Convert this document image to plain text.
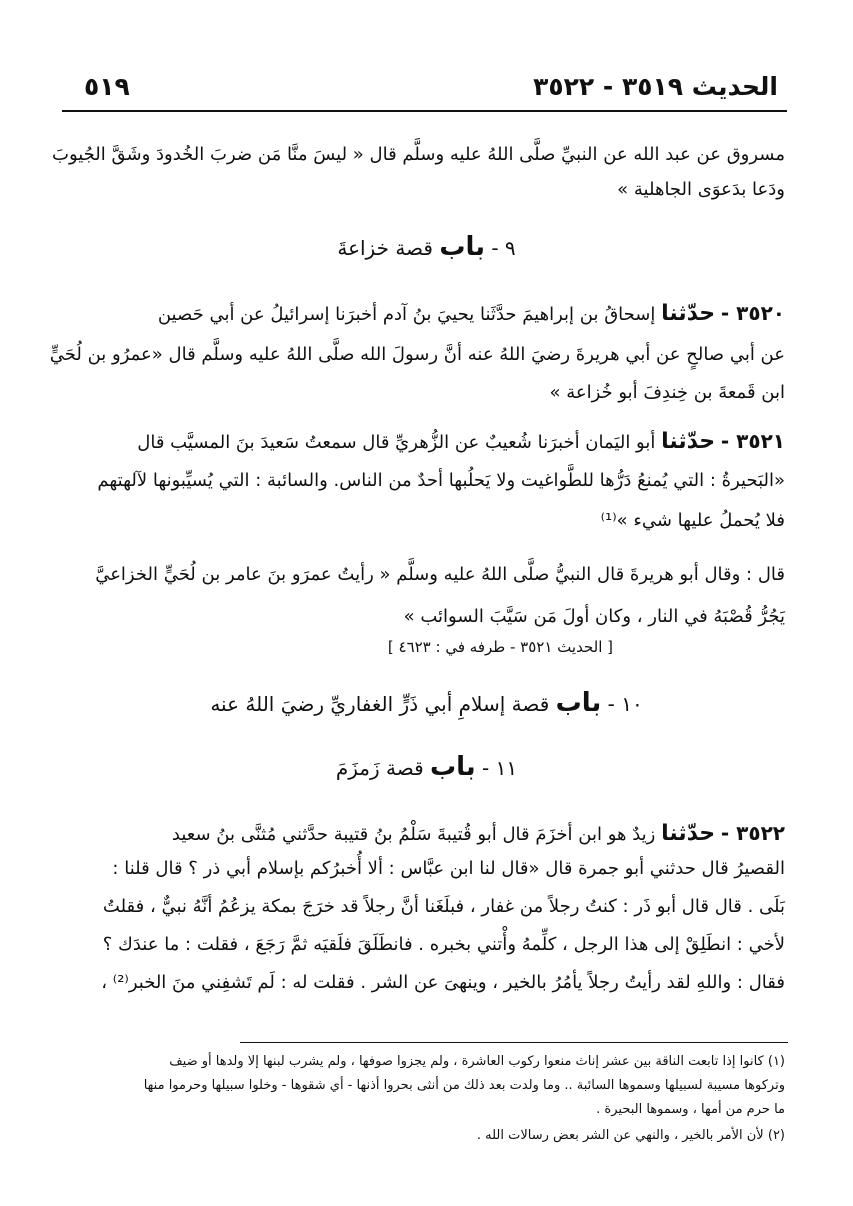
الحديث ٣٥١٩ - ٣٥٢٢
٥١٩
مسروق عن عبد الله عن النبيِّ صلَّى اللهُ عليه وسلَّم قال « ليسَ منَّا مَن ضربَ الخُدودَ وشَقَّ الجُيوبَ
ودَعا بدَعوَى الجاهلية »
٩ - باب قصة خزاعةَ
٣٥٢٠ - حدّثنا إسحاقُ بن إبراهيمَ حدَّثَنا يحييَ بنُ آدم أخبرَنا إسرائيلُ عن أبي حَصين
عن أبي صالحٍ عن أبي هريرةَ رضيَ اللهُ عنه أنَّ رسولَ الله صلَّى اللهُ عليه وسلَّم قال «عمرُو بن لُحَيٍّ
ابن قَمعةَ بن خِندِفَ أبو خُزاعة »
٣٥٢١ - حدّثنا أبو اليَمان أخبرَنا شُعيبٌ عن الزُّهريِّ قال سمعتُ سَعيدَ بنَ المسيَّب قال
«البَحيرةُ : التي يُمنعُ دَرُّها للطَّواغيت ولا يَحلُبها أحدٌ من الناس. والسائبة : التي يُسيِّبونها لآلهتهم
فلا يُحملُ عليها شيء »⁽¹⁾
قال : وقال أبو هريرةَ قال النبيُّ صلَّى اللهُ عليه وسلَّم « رأيتُ عمرَو بنَ عامر بن لُحَيٍّ الخزاعيَّ
يَجُرُّ قُصْبَهُ في النار ، وكان أولَ مَن سَيَّبَ السوائب »
[ الحديث ٣٥٢١ - طرفه في : ٤٦٢٣ ]
١٠ - باب قصة إسلامِ أبي ذَرٍّ الغفاريِّ رضيَ اللهُ عنه
١١ - باب قصة زَمزَمَ
٣٥٢٢ - حدّثنا زيدٌ هو ابن أخزَمَ قال أبو قُتيبةَ سَلْمُ بنُ قتيبة حدَّثني مُثنَّى بنُ سعيد
القصيرُ قال حدثني أبو جمرة قال «قال لنا ابن عبَّاس : ألا أُخبرُكم بإسلام أبي ذر ؟ قال قلنا :
بَلَى . قال قال أبو ذَر : كنتُ رجلاً من غفار ، فبلَغَنا أنَّ رجلاً قد خرَجَ بمكة يزعُمُ أنَّهُ نبيٌّ ، فقلتُ
لأخي : انطَلِقْ إلى هذا الرجل ، كلِّمهُ وأْتني بخبره . فانطَلَقَ فلَقيَه ثمَّ رَجَعَ ، فقلت : ما عندَك ؟
فقال : واللهِ لقد رأيتُ رجلاً يأمُرُ بالخير ، وينهىَ عن الشر . فقلت له : لَم تَشفِني منَ الخبر⁽²⁾ ،
(١) كانوا إذا تابعت الناقة بين عشر إناث منعوا ركوب العاشرة ، ولم يجزوا صوفها ، ولم يشرب لبنها إلا ولدها أو ضيف
وتركوها مسيبة لسبيلها وسموها السائبة .. وما ولدت بعد ذلك من أنثى بحروا أذنها - أي شقوها - وخلوا سبيلها وحرموا منها
ما حرم من أمها ، وسموها البحيرة .
(٢) لأن الأمر بالخير ، والنهي عن الشر بعض رسالات الله .
